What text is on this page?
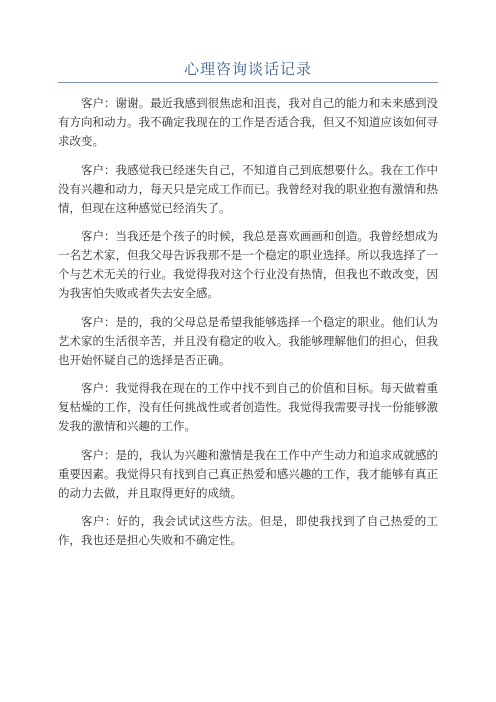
心理咨询谈话记录

客户：谢谢。最近我感到很焦虑和沮丧，我对自己的能力和未来感到没有方向和动力。我不确定我现在的工作是否适合我，但又不知道应该如何寻求改变。

客户：我感觉我已经迷失自己，不知道自己到底想要什么。我在工作中没有兴趣和动力，每天只是完成工作而已。我曾经对我的职业抱有激情和热情，但现在这种感觉已经消失了。

客户：当我还是个孩子的时候，我总是喜欢画画和创造。我曾经想成为一名艺术家，但我父母告诉我那不是一个稳定的职业选择。所以我选择了一个与艺术无关的行业。我觉得我对这个行业没有热情，但我也不敢改变，因为我害怕失败或者失去安全感。

客户：是的，我的父母总是希望我能够选择一个稳定的职业。他们认为艺术家的生活很辛苦，并且没有稳定的收入。我能够理解他们的担心，但我也开始怀疑自己的选择是否正确。

客户：我觉得我在现在的工作中找不到自己的价值和目标。每天做着重复枯燥的工作，没有任何挑战性或者创造性。我觉得我需要寻找一份能够激发我的激情和兴趣的工作。

客户：是的，我认为兴趣和激情是我在工作中产生动力和追求成就感的重要因素。我觉得只有找到自己真正热爱和感兴趣的工作，我才能够有真正的动力去做，并且取得更好的成绩。

客户：好的，我会试试这些方法。但是，即使我找到了自己热爱的工作，我也还是担心失败和不确定性。
